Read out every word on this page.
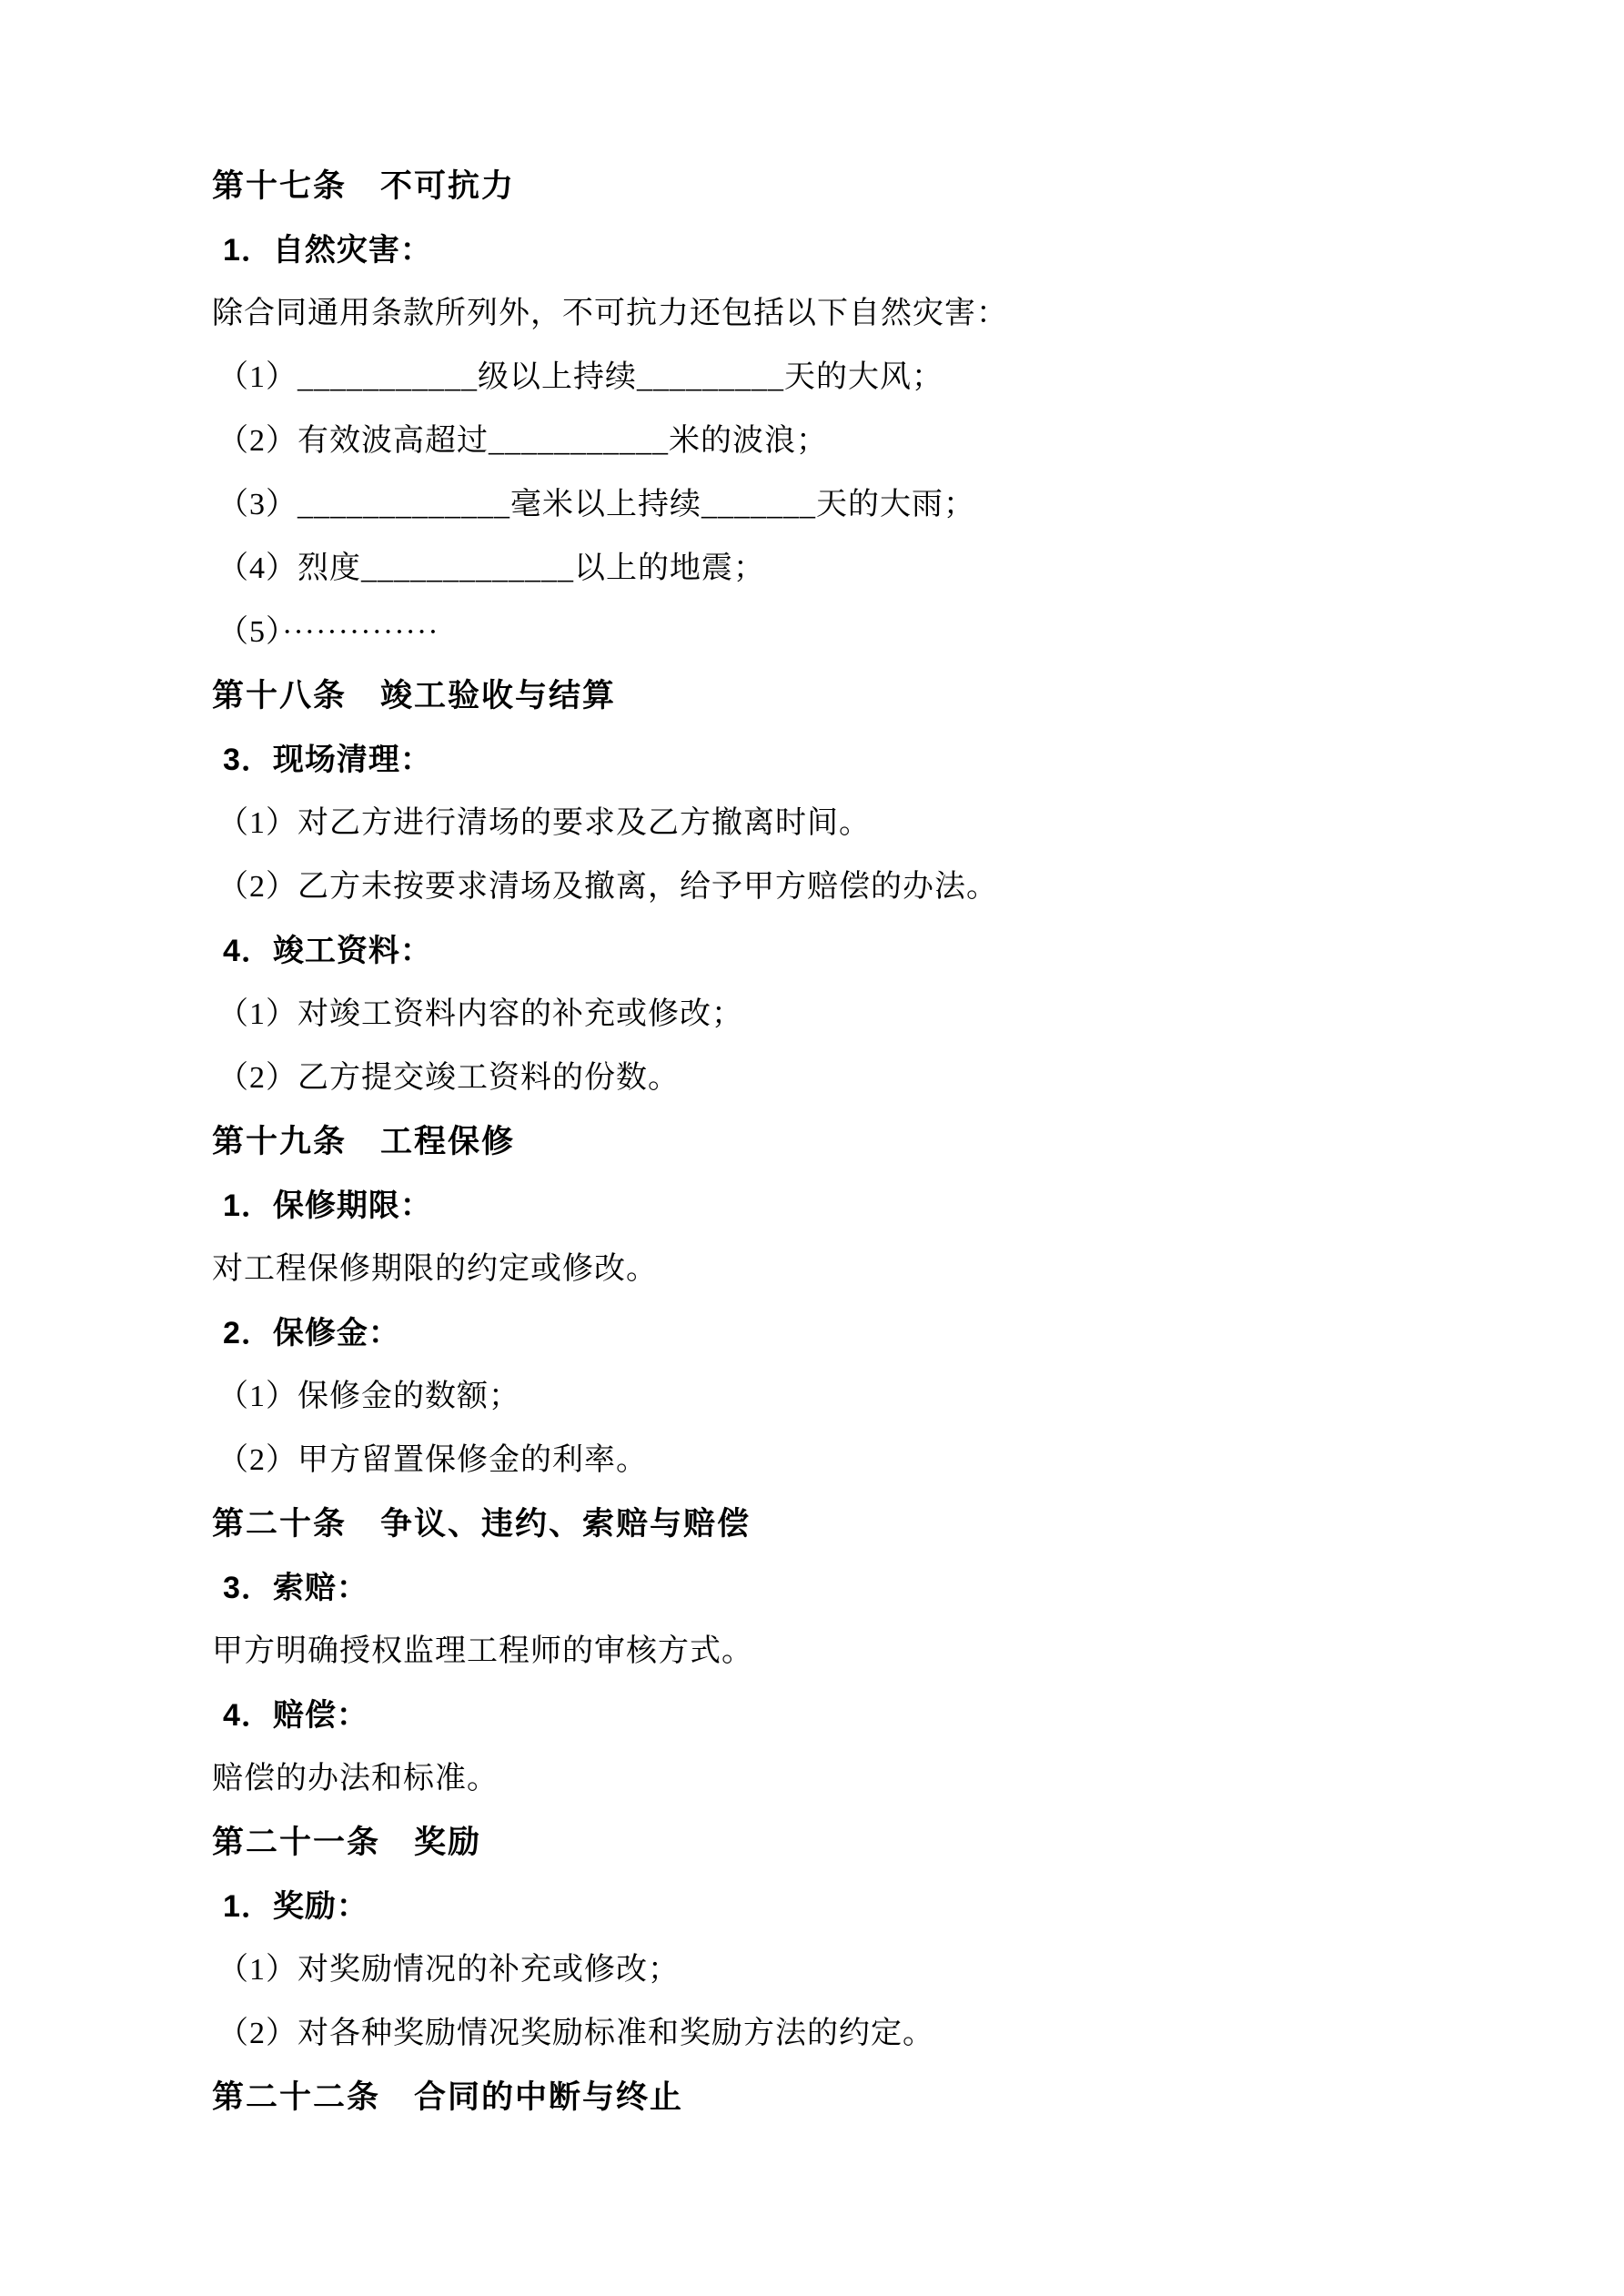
第十七条　不可抗力

1．自然灾害：

除合同通用条款所列外，不可抗力还包括以下自然灾害：

（1）___________级以上持续_________天的大风；

（2）有效波高超过___________米的波浪；

（3）_____________毫米以上持续_______天的大雨；

（4）烈度_____________以上的地震；

（5）··············

第十八条　竣工验收与结算

3．现场清理：

（1）对乙方进行清场的要求及乙方撤离时间。

（2）乙方未按要求清场及撤离，给予甲方赔偿的办法。

4．竣工资料：

（1）对竣工资料内容的补充或修改；

（2）乙方提交竣工资料的份数。

第十九条　工程保修

1．保修期限：

对工程保修期限的约定或修改。

2．保修金：

（1）保修金的数额；

（2）甲方留置保修金的利率。

第二十条　争议、违约、索赔与赔偿

3．索赔：

甲方明确授权监理工程师的审核方式。

4．赔偿：

赔偿的办法和标准。

第二十一条　奖励

1．奖励：

（1）对奖励情况的补充或修改；

（2）对各种奖励情况奖励标准和奖励方法的约定。

第二十二条　合同的中断与终止
